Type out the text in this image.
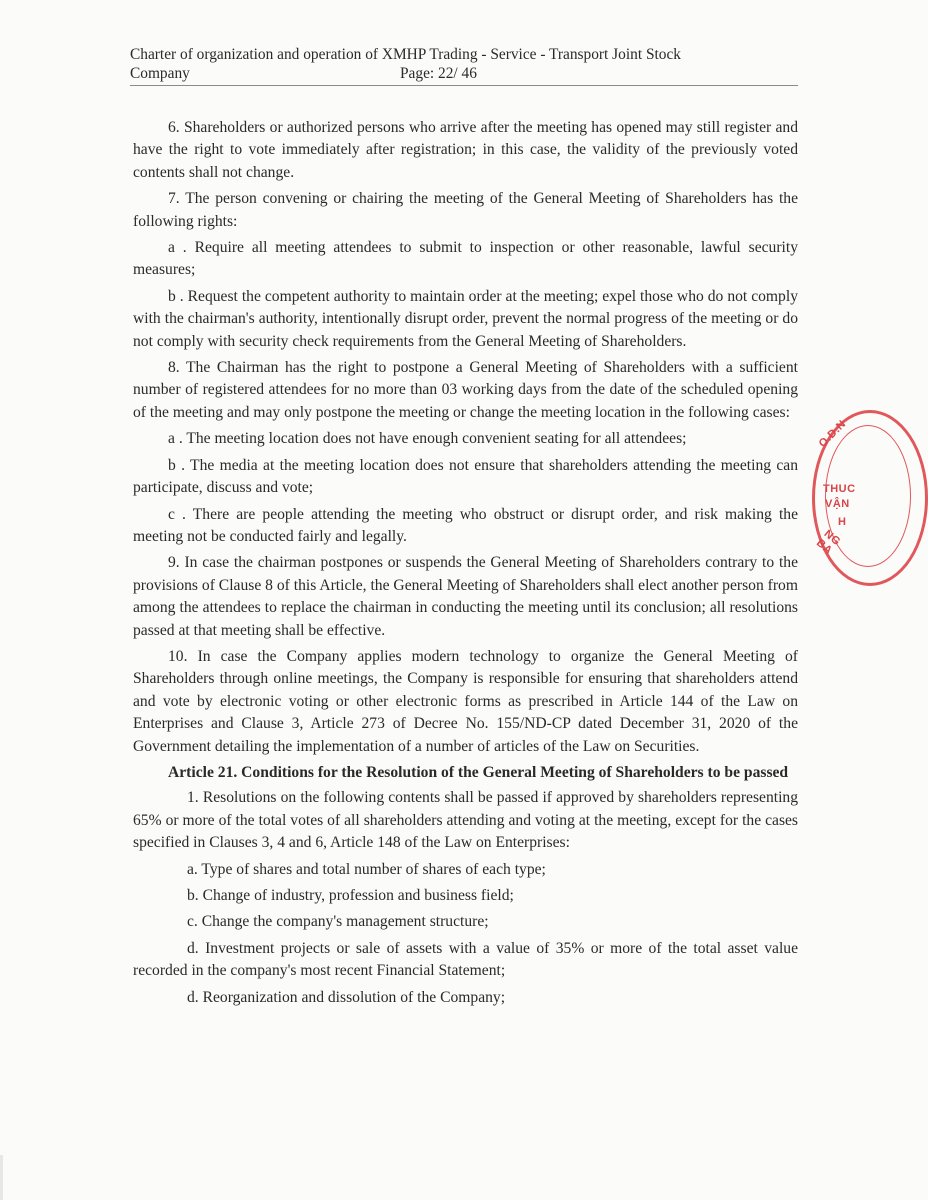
Charter of organization and operation of XMHP Trading - Service - Transport Joint Stock
Company	Page: 22/ 46

6. Shareholders or authorized persons who arrive after the meeting has opened may still register and have the right to vote immediately after registration; in this case, the validity of the previously voted contents shall not change.

7. The person convening or chairing the meeting of the General Meeting of Shareholders has the following rights:

a . Require all meeting attendees to submit to inspection or other reasonable, lawful security measures;

b . Request the competent authority to maintain order at the meeting; expel those who do not comply with the chairman's authority, intentionally disrupt order, prevent the normal progress of the meeting or do not comply with security check requirements from the General Meeting of Shareholders.

8. The Chairman has the right to postpone a General Meeting of Shareholders with a sufficient number of registered attendees for no more than 03 working days from the date of the scheduled opening of the meeting and may only postpone the meeting or change the meeting location in the following cases:

a . The meeting location does not have enough convenient seating for all attendees;

b . The media at the meeting location does not ensure that shareholders attending the meeting can participate, discuss and vote;

c . There are people attending the meeting who obstruct or disrupt order, and risk making the meeting not be conducted fairly and legally.

9. In case the chairman postpones or suspends the General Meeting of Shareholders contrary to the provisions of Clause 8 of this Article, the General Meeting of Shareholders shall elect another person from among the attendees to replace the chairman in conducting the meeting until its conclusion; all resolutions passed at that meeting shall be effective.

10. In case the Company applies modern technology to organize the General Meeting of Shareholders through online meetings, the Company is responsible for ensuring that shareholders attend and vote by electronic voting or other electronic forms as prescribed in Article 144 of the Law on Enterprises and Clause 3, Article 273 of Decree No. 155/ND-CP dated December 31, 2020 of the Government detailing the implementation of a number of articles of the Law on Securities.

Article 21. Conditions for the Resolution of the General Meeting of Shareholders to be passed

1. Resolutions on the following contents shall be passed if approved by shareholders representing 65% or more of the total votes of all shareholders attending and voting at the meeting, except for the cases specified in Clauses 3, 4 and 6, Article 148 of the Law on Enterprises:

a. Type of shares and total number of shares of each type;

b. Change of industry, profession and business field;

c. Change the company's management structure;

d. Investment projects or sale of assets with a value of 35% or more of the total asset value recorded in the company's most recent Financial Statement;

d. Reorganization and dissolution of the Company;

O.D.N
THUC
VẬN
H
NG BA
